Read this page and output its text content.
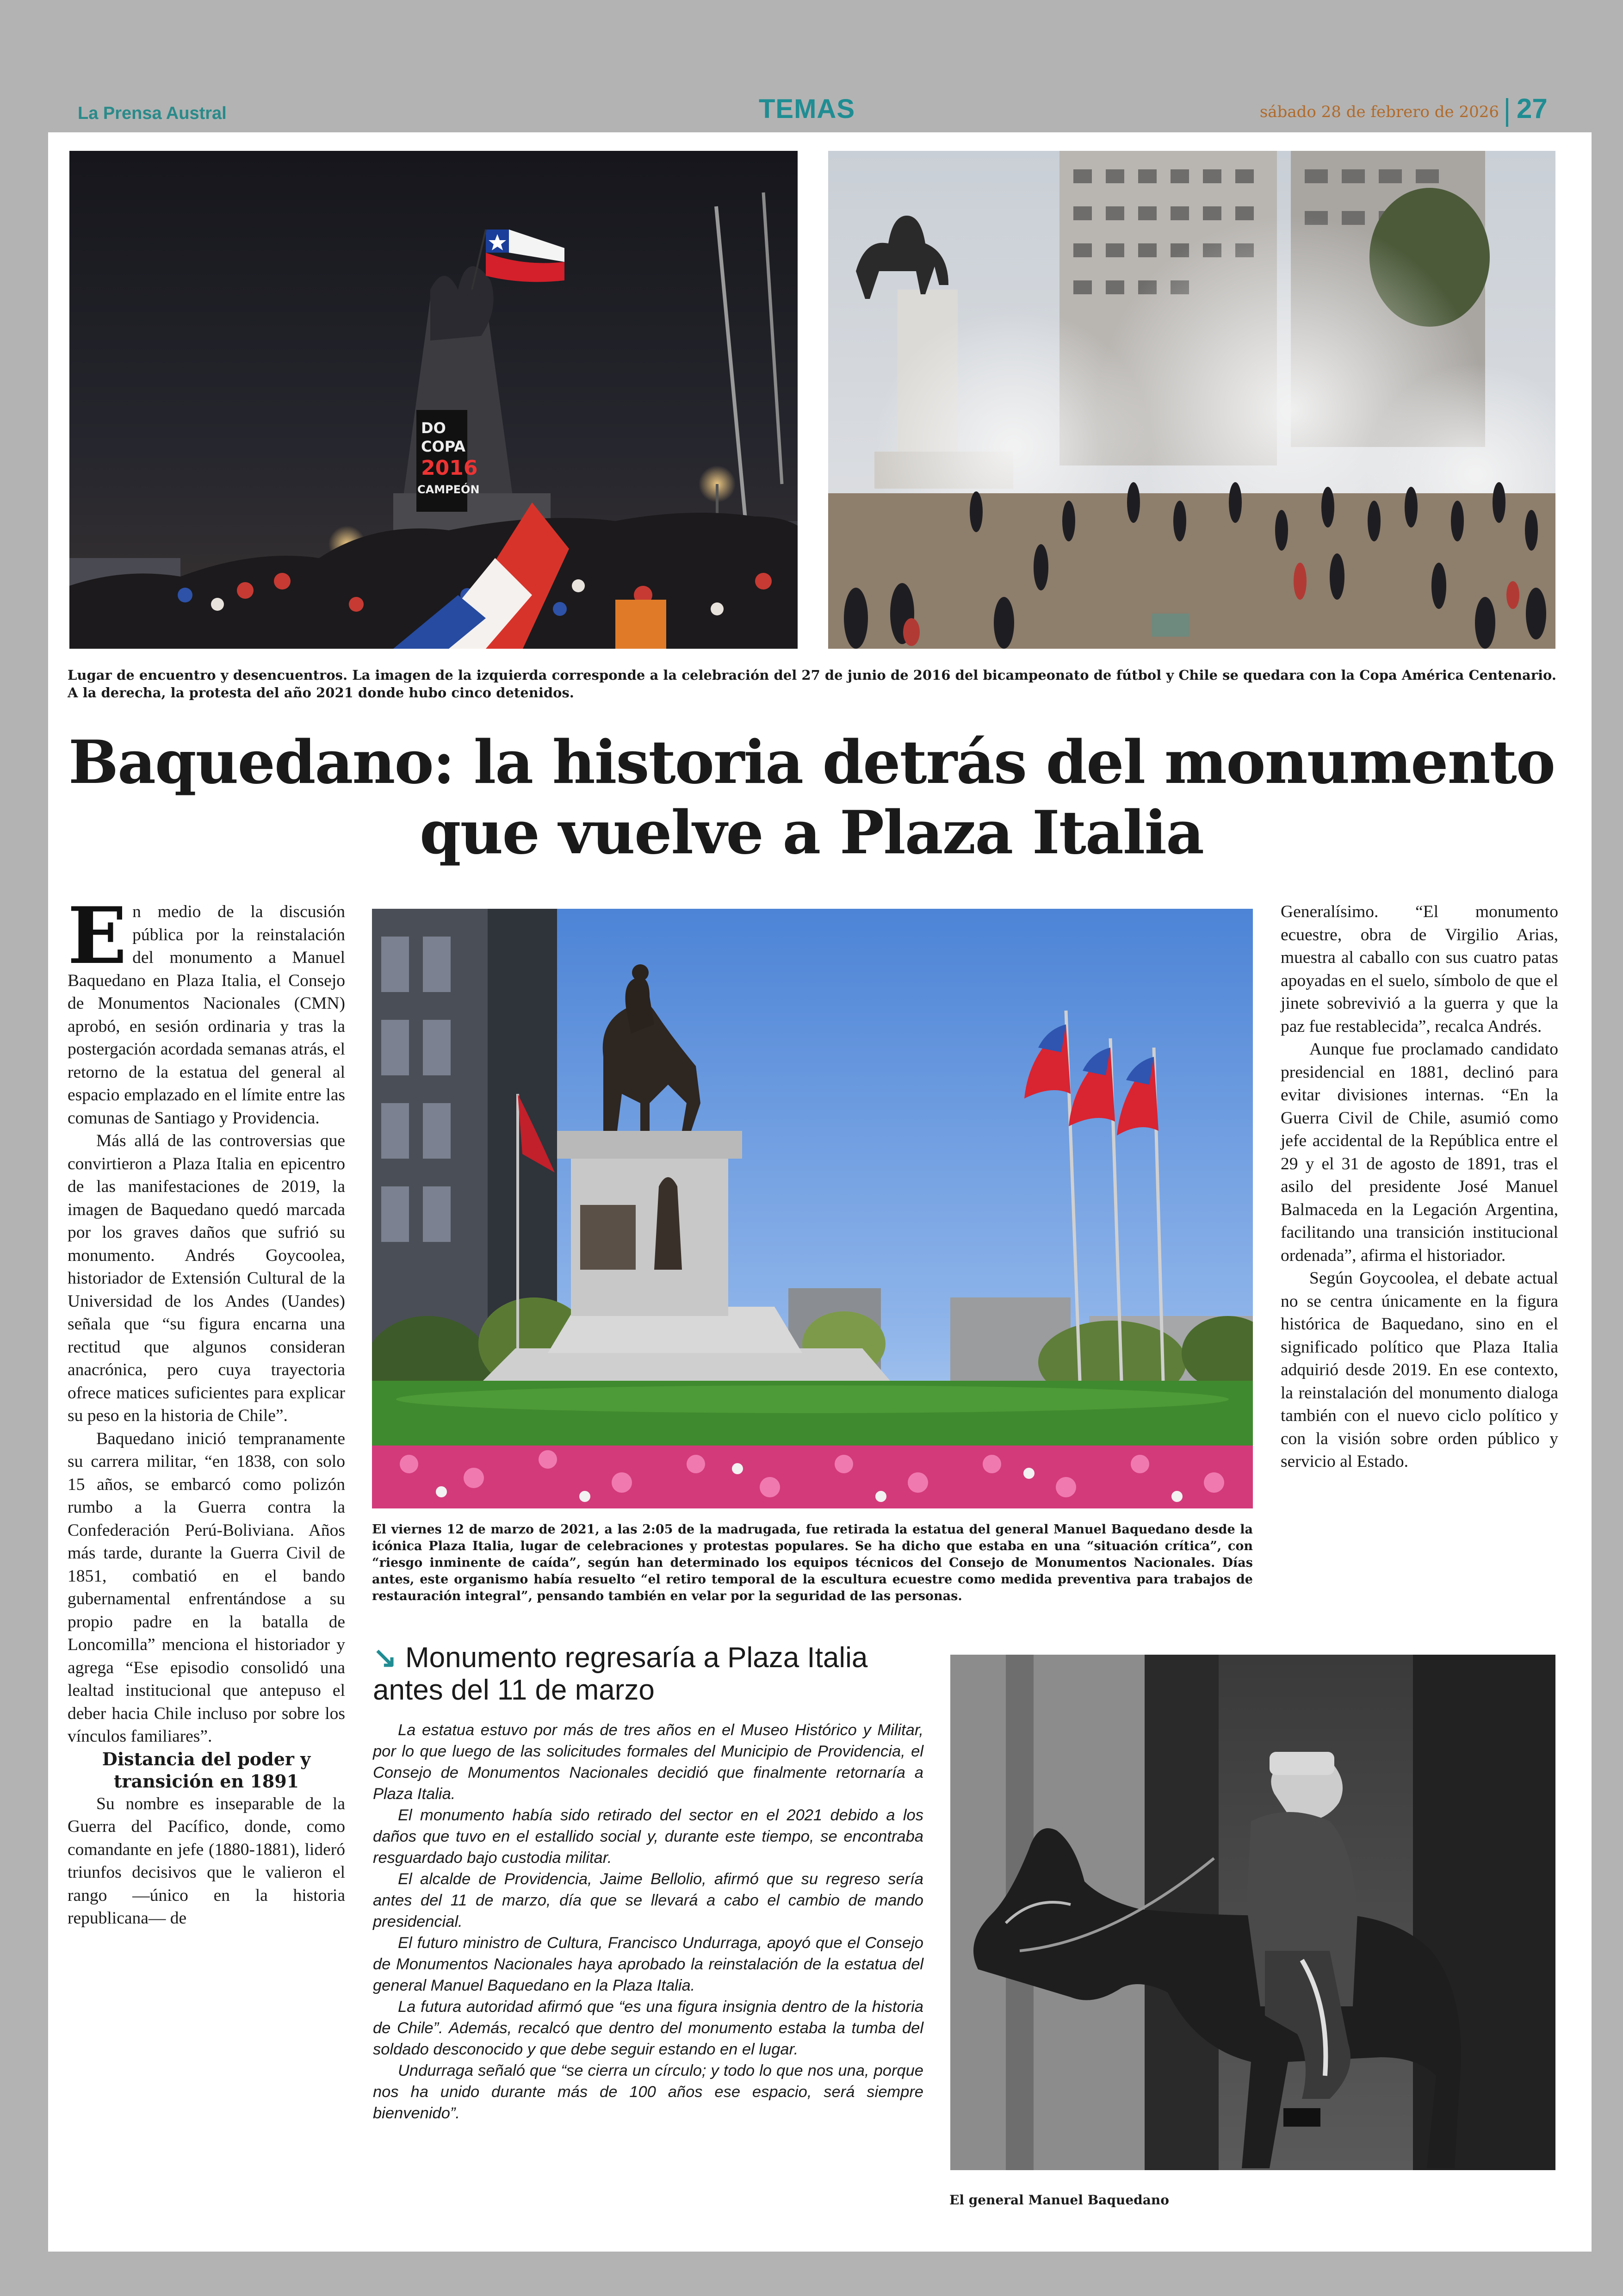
La Prensa Austral	TEMAS	sábado 28 de febrero de 2026 27
DO
COPA
2016
CAMPEÓN
Lugar de encuentro y desencuentros. La imagen de la izquierda corresponde a la celebración del 27 de junio de 2016 del bicampeonato de fútbol y Chile se quedara con la Copa América Centenario. A la derecha, la protesta del año 2021 donde hubo cinco detenidos.
Baquedano: la historia detrás del monumento que vuelve a Plaza Italia
E n medio de la discusión pública por la reinstalación del monumento a Manuel Baquedano en Plaza Italia, el Consejo de Monumentos Nacionales (CMN) aprobó, en sesión ordinaria y tras la postergación acordada semanas atrás, el retorno de la estatua del general al espacio emplazado en el límite entre las comunas de Santiago y Providencia.

Más allá de las controversias que convirtieron a Plaza Italia en epicentro de las manifestaciones de 2019, la imagen de Baquedano quedó marcada por los graves daños que sufrió su monumento. Andrés Goycoolea, historiador de Extensión Cultural de la Universidad de los Andes (Uandes) señala que “su figura encarna una rectitud que algunos consideran anacrónica, pero cuya trayectoria ofrece matices suficientes para explicar su peso en la historia de Chile”.

Baquedano inició tempranamente su carrera militar, “en 1838, con solo 15 años, se embarcó como polizón rumbo a la Guerra contra la Confederación Perú-Boliviana. Años más tarde, durante la Guerra Civil de 1851, combatió en el bando gubernamental enfrentándose a su propio padre en la batalla de Loncomilla” menciona el historiador y agrega “Ese episodio consolidó una lealtad institucional que antepuso el deber hacia Chile incluso por sobre los vínculos familiares”.

Distancia del poder y transición en 1891

Su nombre es inseparable de la Guerra del Pacífico, donde, como comandante en jefe (1880-1881), lideró triunfos decisivos que le valieron el rango —único en la historia republicana— de

El viernes 12 de marzo de 2021, a las 2:05 de la madrugada, fue retirada la estatua del general Manuel Baquedano desde la icónica Plaza Italia, lugar de celebraciones y protestas populares. Se ha dicho que estaba en una “situación crítica”, con “riesgo inminente de caída”, según han determinado los equipos técnicos del Consejo de Monumentos Nacionales. Días antes, este organismo había resuelto “el retiro temporal de la escultura ecuestre como medida preventiva para trabajos de restauración integral”, pensando también en velar por la seguridad de las personas.

Generalísimo. “El monumento ecuestre, obra de Virgilio Arias, muestra al caballo con sus cuatro patas apoyadas en el suelo, símbolo de que el jinete sobrevivió a la guerra y que la paz fue restablecida”, recalca Andrés.

Aunque fue proclamado candidato presidencial en 1881, declinó para evitar divisiones internas. “En la Guerra Civil de Chile, asumió como jefe accidental de la República entre el 29 y el 31 de agosto de 1891, tras el asilo del presidente José Manuel Balmaceda en la Legación Argentina, facilitando una transición institucional ordenada”, afirma el historiador.

Según Goycoolea, el debate actual no se centra únicamente en la figura histórica de Baquedano, sino en el significado político que Plaza Italia adquirió desde 2019. En ese contexto, la reinstalación del monumento dialoga también con el nuevo ciclo político y con la visión sobre orden público y servicio al Estado.

↘ Monumento regresaría a Plaza Italia antes del 11 de marzo

La estatua estuvo por más de tres años en el Museo Histórico y Militar, por lo que luego de las solicitudes formales del Municipio de Providencia, el Consejo de Monumentos Nacionales decidió que finalmente retornaría a Plaza Italia.

El monumento había sido retirado del sector en el 2021 debido a los daños que tuvo en el estallido social y, durante este tiempo, se encontraba resguardado bajo custodia militar.

El alcalde de Providencia, Jaime Bellolio, afirmó que su regreso sería antes del 11 de marzo, día que se llevará a cabo el cambio de mando presidencial.

El futuro ministro de Cultura, Francisco Undurraga, apoyó que el Consejo de Monumentos Nacionales haya aprobado la reinstalación de la estatua del general Manuel Baquedano en la Plaza Italia.

La futura autoridad afirmó que “es una figura insignia dentro de la historia de Chile”. Además, recalcó que dentro del monumento estaba la tumba del soldado desconocido y que debe seguir estando en el lugar.

Undurraga señaló que “se cierra un círculo; y todo lo que nos una, porque nos ha unido durante más de 100 años ese espacio, será siempre bienvenido”.

El general Manuel Baquedano
